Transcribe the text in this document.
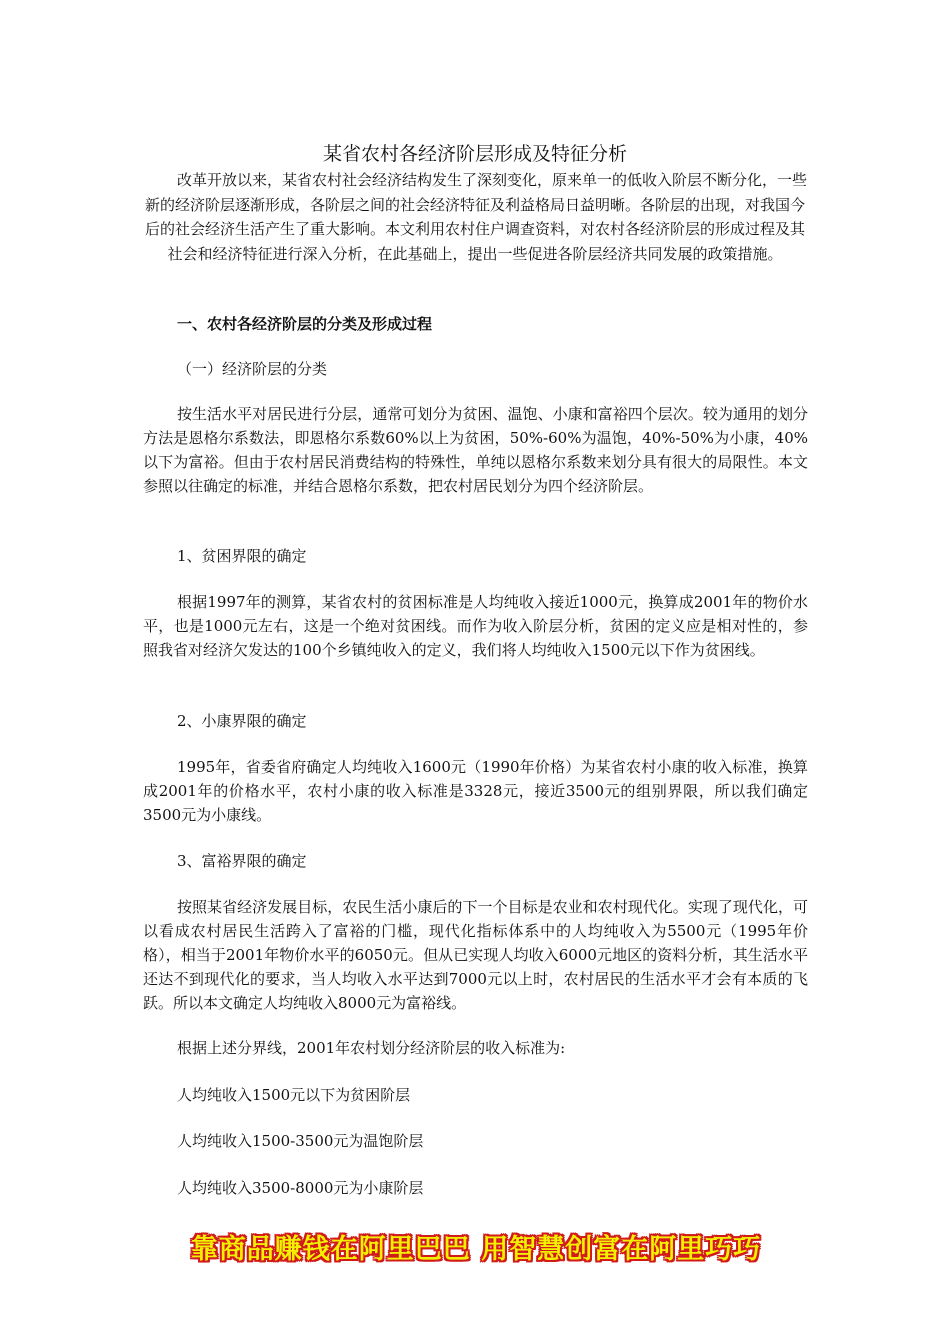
某省农村各经济阶层形成及特征分析

改革开放以来，某省农村社会经济结构发生了深刻变化，原来单一的低收入阶层不断分化，一些新的经济阶层逐渐形成，各阶层之间的社会经济特征及利益格局日益明晰。各阶层的出现，对我国今后的社会经济生活产生了重大影响。本文利用农村住户调查资料，对农村各经济阶层的形成过程及其社会和经济特征进行深入分析，在此基础上，提出一些促进各阶层经济共同发展的政策措施。

一、农村各经济阶层的分类及形成过程

（一）经济阶层的分类

按生活水平对居民进行分层，通常可划分为贫困、温饱、小康和富裕四个层次。较为通用的划分方法是恩格尔系数法，即恩格尔系数60%以上为贫困，50%-60%为温饱，40%-50%为小康，40%以下为富裕。但由于农村居民消费结构的特殊性，单纯以恩格尔系数来划分具有很大的局限性。本文参照以往确定的标准，并结合恩格尔系数，把农村居民划分为四个经济阶层。

1、贫困界限的确定

根据1997年的测算，某省农村的贫困标准是人均纯收入接近1000元，换算成2001年的物价水平，也是1000元左右，这是一个绝对贫困线。而作为收入阶层分析，贫困的定义应是相对性的，参照我省对经济欠发达的100个乡镇纯收入的定义，我们将人均纯收入1500元以下作为贫困线。

2、小康界限的确定

1995年，省委省府确定人均纯收入1600元（1990年价格）为某省农村小康的收入标准，换算成2001年的价格水平，农村小康的收入标准是3328元，接近3500元的组别界限，所以我们确定3500元为小康线。

3、富裕界限的确定

按照某省经济发展目标，农民生活小康后的下一个目标是农业和农村现代化。实现了现代化，可以看成农村居民生活跨入了富裕的门槛，现代化指标体系中的人均纯收入为5500元（1995年价格），相当于2001年物价水平的6050元。但从已实现人均收入6000元地区的资料分析，其生活水平还达不到现代化的要求，当人均收入水平达到7000元以上时，农村居民的生活水平才会有本质的飞跃。所以本文确定人均纯收入8000元为富裕线。

根据上述分界线，2001年农村划分经济阶层的收入标准为:

人均纯收入1500元以下为贫困阶层

人均纯收入1500-3500元为温饱阶层

人均纯收入3500-8000元为小康阶层

靠商品赚钱在阿里巴巴 用智慧创富在阿里巧巧
